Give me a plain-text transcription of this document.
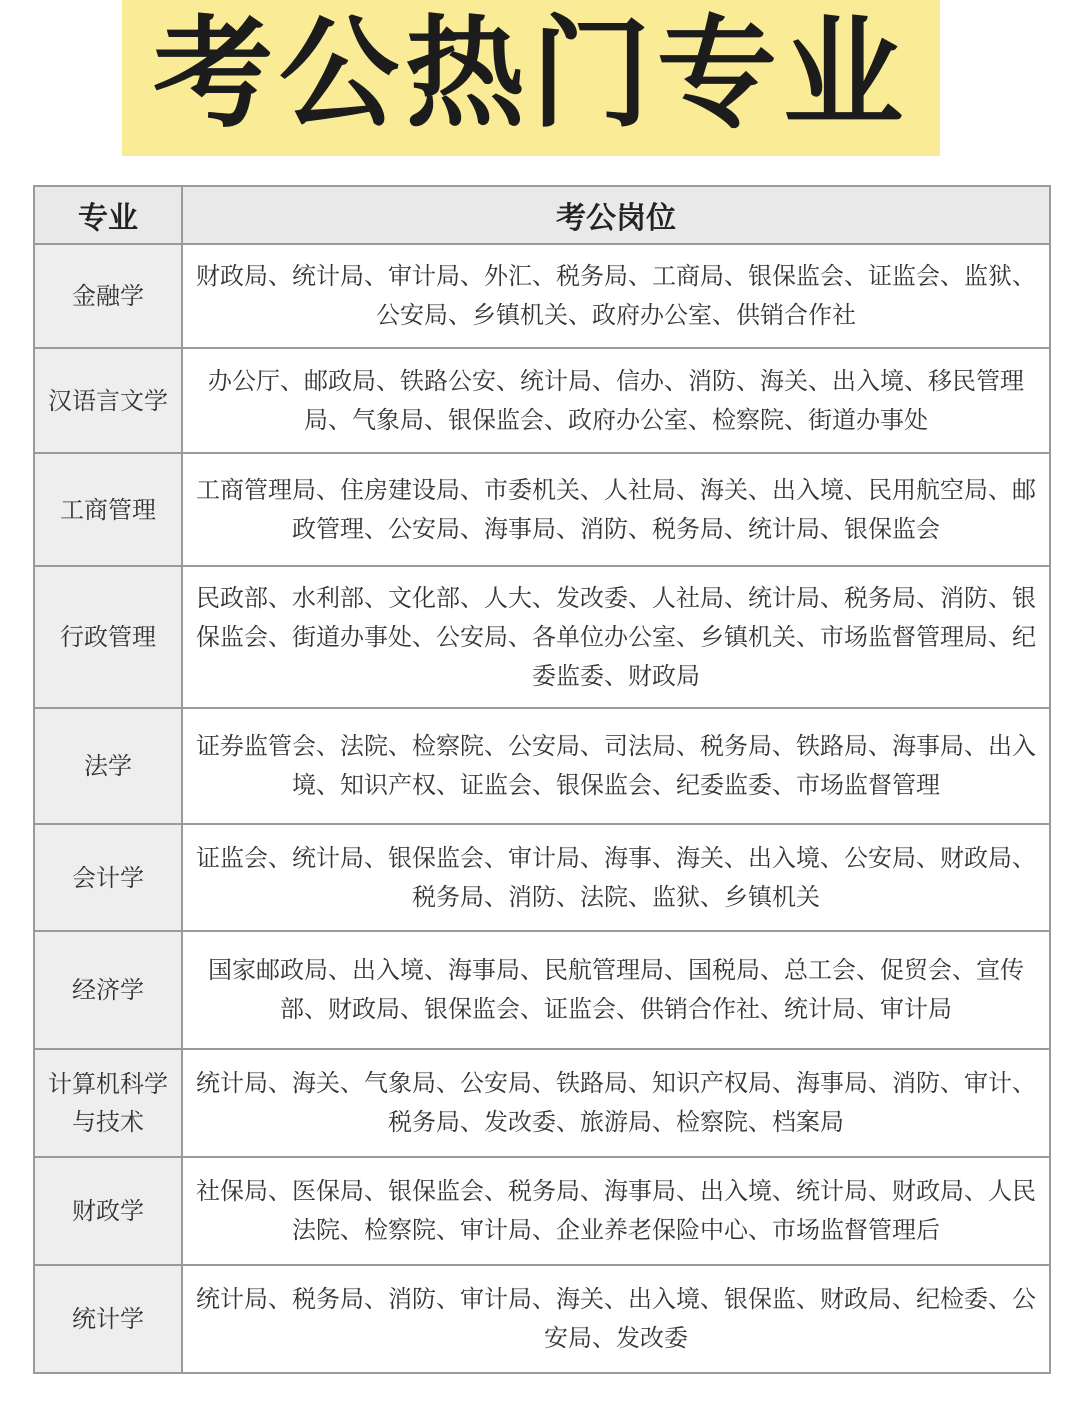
考公热门专业
专业	考公岗位
金融学	财政局、统计局、审计局、外汇、税务局、工商局、银保监会、证监会、监狱、公安局、乡镇机关、政府办公室、供销合作社
汉语言文学	办公厅、邮政局、铁路公安、统计局、信办、消防、海关、出入境、移民管理局、气象局、银保监会、政府办公室、检察院、街道办事处
工商管理	工商管理局、住房建设局、市委机关、人社局、海关、出入境、民用航空局、邮政管理、公安局、海事局、消防、税务局、统计局、银保监会
行政管理	民政部、水利部、文化部、人大、发改委、人社局、统计局、税务局、消防、银保监会、街道办事处、公安局、各单位办公室、乡镇机关、市场监督管理局、纪委监委、财政局
法学	证券监管会、法院、检察院、公安局、司法局、税务局、铁路局、海事局、出入境、知识产权、证监会、银保监会、纪委监委、市场监督管理
会计学	证监会、统计局、银保监会、审计局、海事、海关、出入境、公安局、财政局、税务局、消防、法院、监狱、乡镇机关
经济学	国家邮政局、出入境、海事局、民航管理局、国税局、总工会、促贸会、宣传部、财政局、银保监会、证监会、供销合作社、统计局、审计局
计算机科学与技术	统计局、海关、气象局、公安局、铁路局、知识产权局、海事局、消防、审计、税务局、发改委、旅游局、检察院、档案局
财政学	社保局、医保局、银保监会、税务局、海事局、出入境、统计局、财政局、人民法院、检察院、审计局、企业养老保险中心、市场监督管理后
统计学	统计局、税务局、消防、审计局、海关、出入境、银保监、财政局、纪检委、公安局、发改委
